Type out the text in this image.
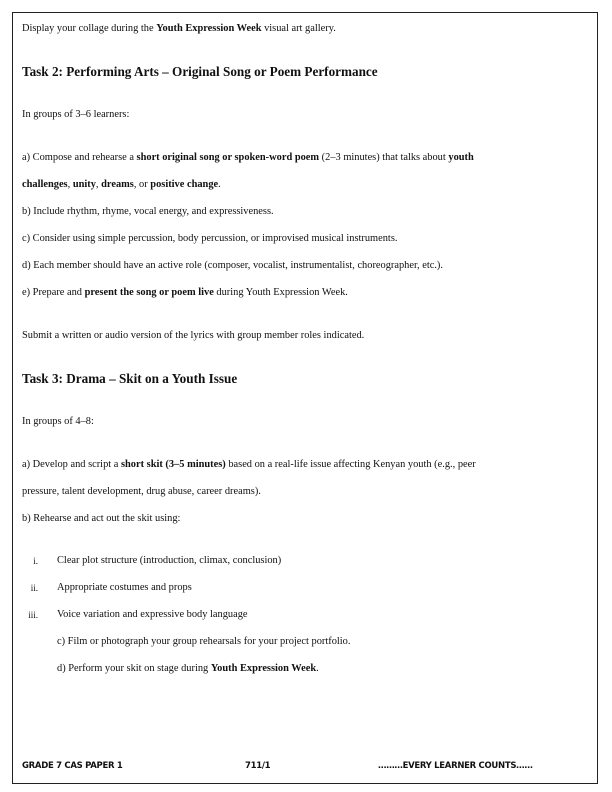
Display your collage during the Youth Expression Week visual art gallery.
Task 2: Performing Arts – Original Song or Poem Performance
In groups of 3–6 learners:
a) Compose and rehearse a short original song or spoken-word poem (2–3 minutes) that talks about youth
challenges, unity, dreams, or positive change.
b) Include rhythm, rhyme, vocal energy, and expressiveness.
c) Consider using simple percussion, body percussion, or improvised musical instruments.
d) Each member should have an active role (composer, vocalist, instrumentalist, choreographer, etc.).
e) Prepare and present the song or poem live during Youth Expression Week.
Submit a written or audio version of the lyrics with group member roles indicated.
Task 3: Drama – Skit on a Youth Issue
In groups of 4–8:
a) Develop and script a short skit (3–5 minutes) based on a real-life issue affecting Kenyan youth (e.g., peer
pressure, talent development, drug abuse, career dreams).
b) Rehearse and act out the skit using:
i. Clear plot structure (introduction, climax, conclusion)
ii. Appropriate costumes and props
iii. Voice variation and expressive body language
c) Film or photograph your group rehearsals for your project portfolio.
d) Perform your skit on stage during Youth Expression Week.
GRADE 7 CAS PAPER 1	711/1	………EVERY LEARNER COUNTS……
